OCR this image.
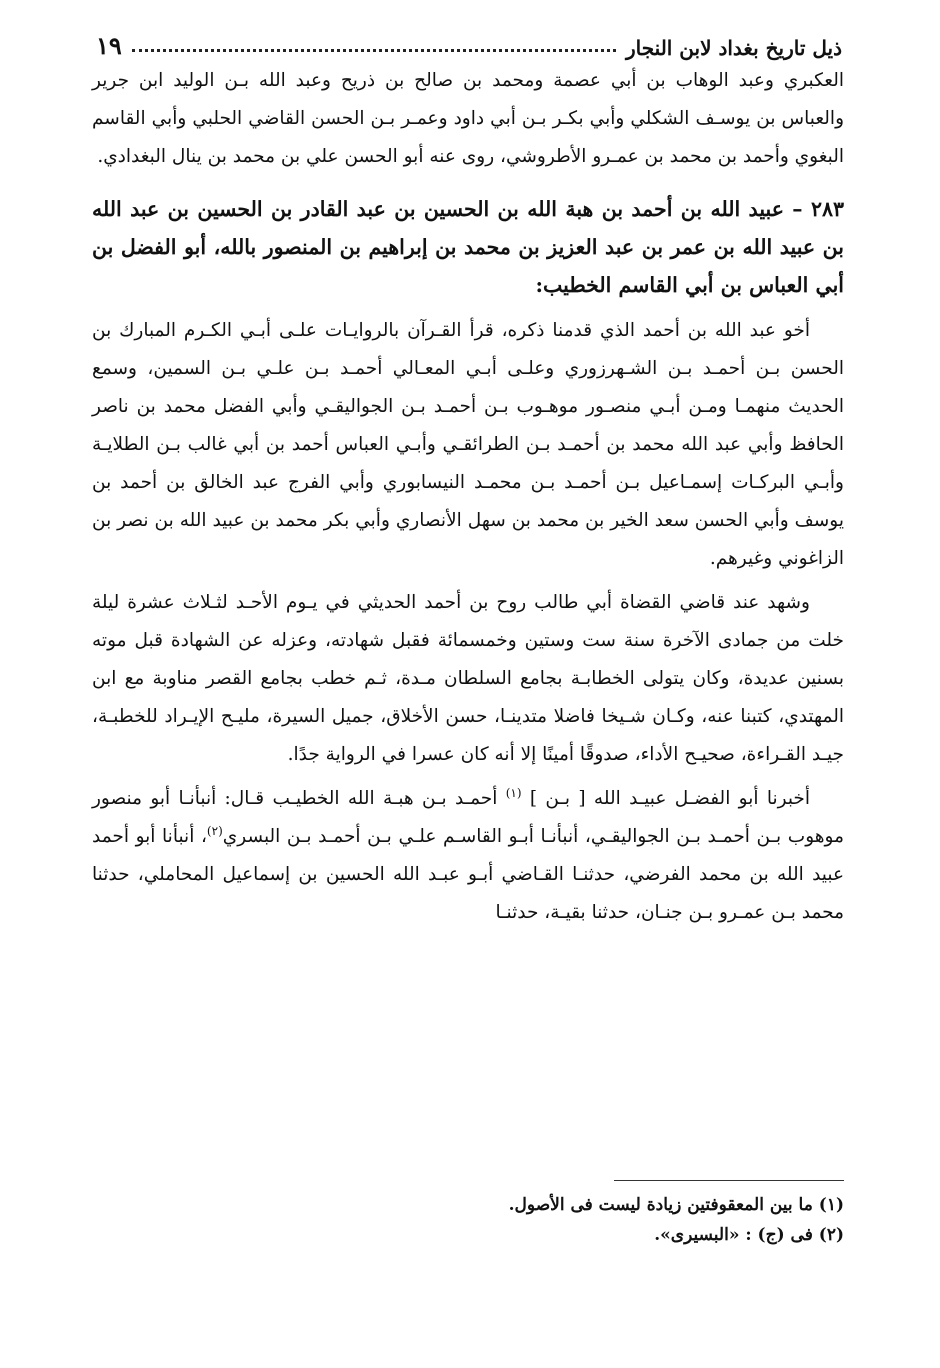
ذيل تاريخ بغداد لابن النجار
١٩

العكبري وعبد الوهاب بن أبي عصمة ومحمد بن صالح بن ذريح وعبد الله بـن الوليد ابن جرير والعباس بن يوسـف الشكلي وأبي بكـر بـن أبي داود وعمـر بـن الحسن القاضي الحلبي وأبي القاسم البغوي وأحمد بن محمد بن عمـرو الأطروشي، روى عنه أبو الحسن علي بن محمد بن ينال البغدادي.

٢٨٣ – عبيد الله بن أحمد بن هبة الله بن الحسين بن عبد القادر بن الحسين بن عبد الله بن عبيد الله بن عمر بن عبد العزيز بن محمد بن إبراهيم بن المنصور بالله، أبو الفضل بن أبي العباس بن أبي القاسم الخطيب:

أخو عبد الله بن أحمد الذي قدمنا ذكره، قرأ القـرآن بالروايـات علـى أبـي الكـرم المبارك بن الحسن بـن أحمـد بـن الشـهرزوري وعلـى أبـي المعـالي أحمـد بـن علـي بـن السمين، وسمع الحديث منهمـا ومـن أبـي منصـور موهـوب بـن أحمـد بـن الجواليقـي وأبي الفضل محمد بن ناصر الحافظ وأبي عبد الله محمد بن أحمـد بـن الطرائقـي وأبـي العباس أحمد بن أبي غالب بـن الطلايـة وأبـي البركـات إسمـاعيل بـن أحمـد بـن محمـد النيسابوري وأبي الفرج عبد الخالق بن أحمد بن يوسف وأبي الحسن سعد الخير بن محمد بن سهل الأنصاري وأبي بكر محمد بن عبيد الله بن نصر بن الزاغوني وغيرهم.

وشهد عند قاضي القضاة أبي طالب روح بن أحمد الحديثي في يـوم الأحـد لثـلاث عشرة ليلة خلت من جمادى الآخرة سنة ست وستين وخمسمائة فقبل شهادته، وعزله عن الشهادة قبل موته بسنين عديدة، وكان يتولى الخطابـة بجامع السلطان مـدة، ثـم خطب بجامع القصر مناوبة مع ابن المهتدي، كتبنا عنه، وكـان شـيخا فاضلا متدينـا، حسن الأخلاق، جميل السيرة، مليـح الإيـراد للخطبـة، جيـد القـراءة، صحيـح الأداء، صدوقًا أمينًا إلا أنه كان عسرا في الرواية جدًا.

أخبرنا أبو الفضـل عبيـد الله [ بـن ] $^{(١)}$ أحمـد بـن هبـة الله الخطيـب قـال: أنبأنـا أبو منصور موهوب بـن أحمـد بـن الجواليقـي، أنبأنـا أبـو القاسـم علـي بـن أحمـد بـن البسري$^{(٢)}$، أنبأنا أبو أحمد عبيد الله بن محمد الفرضي، حدثنـا القـاضي أبـو عبـد الله الحسين بن إسماعيل المحاملي، حدثنا محمد بـن عمـرو بـن جنـان، حدثنا بقيـة، حدثنـا

(١) ما بين المعقوفتين زيادة ليست فى الأصول.

(٢) فى (ج) : «البسيرى».
